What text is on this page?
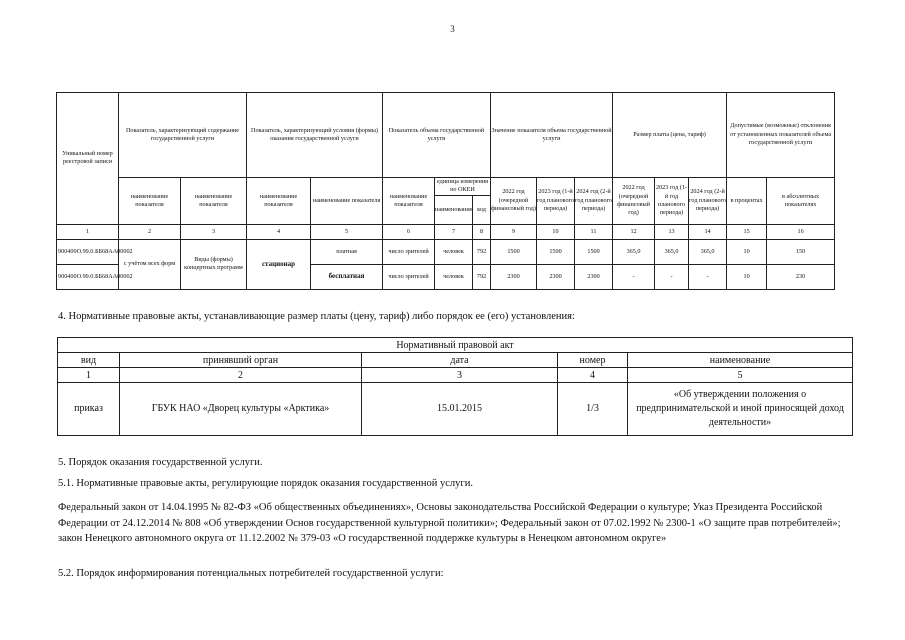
3
Уникальный номер реестровой записи	Показатель, характеризующий содержание государственной услуги		Показатель, характеризующий условия (формы) оказания государственной услуги		Показатель объема государственной услуги			Значение показателя объема государственной услуги			Размер платы (цена, тариф)			Допустимые (возможные) отклонения от установленных показателей объема государственной услуги	
	наименование показателя	наименование показателя	наименование показателя	наименование показателя	наименование показателя	единица измерения по ОКЕИ		2022 год (очередной финансовый год)	2023 год (1-й год планового периода)	2024 год (2-й год планового периода)	2022 год (очередной финансовый год)	2023 год (1-й год планового периода)	2024 год (2-й год планового периода)	в процентах	в абсолютных показателях
						наименование	код								
1	2	3	4	5	6	7	8	9	10	11	12	13	14	15	16
900400О.99.0.ББ68АА00002	с учётом всех форм	Виды (формы) концертных программ	стационар	платная	число зрителей	человек	792	1500	1500	1500	365,0	365,0	365,0	10	150
900400О.99.0.ББ68АА00002				бесплатная	число зрителей	человек	792	2300	2300	2300	-	-	-	10	230
4. Нормативные правовые акты, устанавливающие размер платы (цену, тариф) либо порядок ее (его) установления:
Нормативный правовой акт				
вид	принявший орган	дата	номер	наименование
1	2	3	4	5
приказ	ГБУК НАО «Дворец культуры «Арктика»	15.01.2015	1/3	«Об утверждении положения о предпринимательской и иной приносящей доход деятельности»
5. Порядок оказания государственной услуги.
5.1. Нормативные правовые акты, регулирующие порядок оказания государственной услуги.
Федеральный закон от 14.04.1995 № 82-ФЗ «Об общественных объединениях», Основы законодательства Российской Федерации о культуре; Указ Президента Российской Федерации от 24.12.2014 № 808 «Об утверждении Основ государственной культурной политики»; Федеральный закон от 07.02.1992 № 2300-1 «О защите прав потребителей»; закон Ненецкого автономного округа от 11.12.2002 № 379-03 «О государственной поддержке культуры в Ненецком автономном округе»
5.2. Порядок информирования потенциальных потребителей государственной услуги:
